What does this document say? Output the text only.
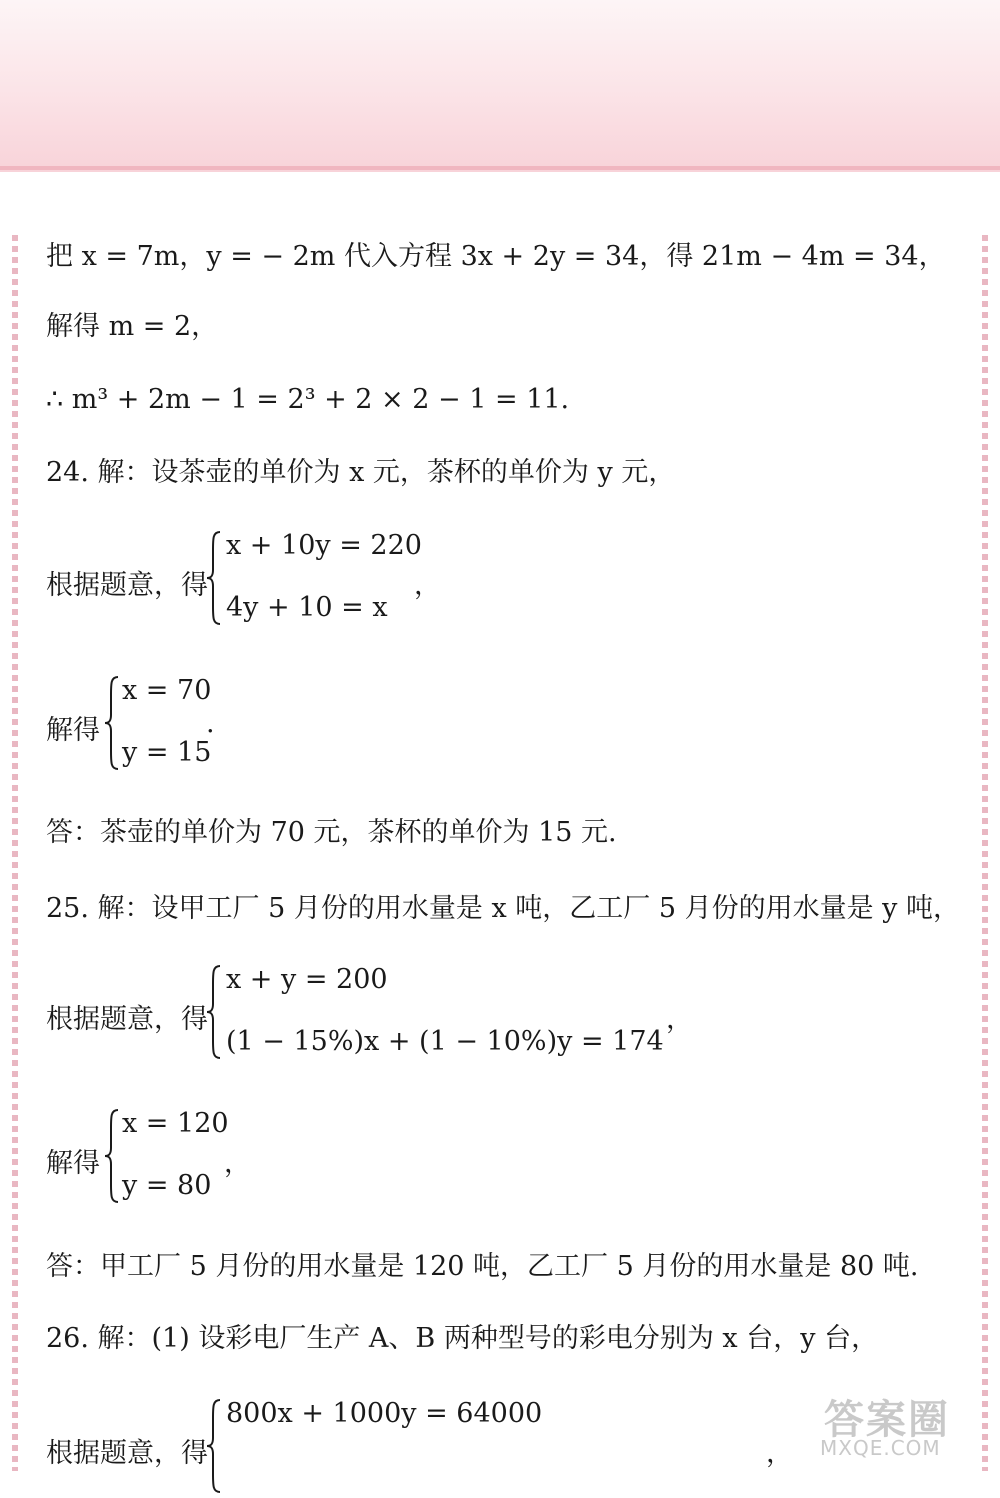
把 x = 7m，y = − 2m 代入方程 3x + 2y = 34，得 21m − 4m = 34，
解得 m = 2，
∴ m³ + 2m − 1 = 2³ + 2 × 2 − 1 = 11.
24. 解：设茶壶的单价为 x 元，茶杯的单价为 y 元，
根据题意，得
x + 10y = 220
4y + 10 = x
，
解得
x = 70
y = 15
.
答：茶壶的单价为 70 元，茶杯的单价为 15 元.
25. 解：设甲工厂 5 月份的用水量是 x 吨，乙工厂 5 月份的用水量是 y 吨，
根据题意，得
x + y = 200
(1 − 15%)x + (1 − 10%)y = 174
，
解得
x = 120
y = 80
，
答：甲工厂 5 月份的用水量是 120 吨，乙工厂 5 月份的用水量是 80 吨.
26. 解：(1) 设彩电厂生产 A、B 两种型号的彩电分别为 x 台，y 台，
根据题意，得
800x + 1000y = 64000
，
答案圈
MXQE.COM
